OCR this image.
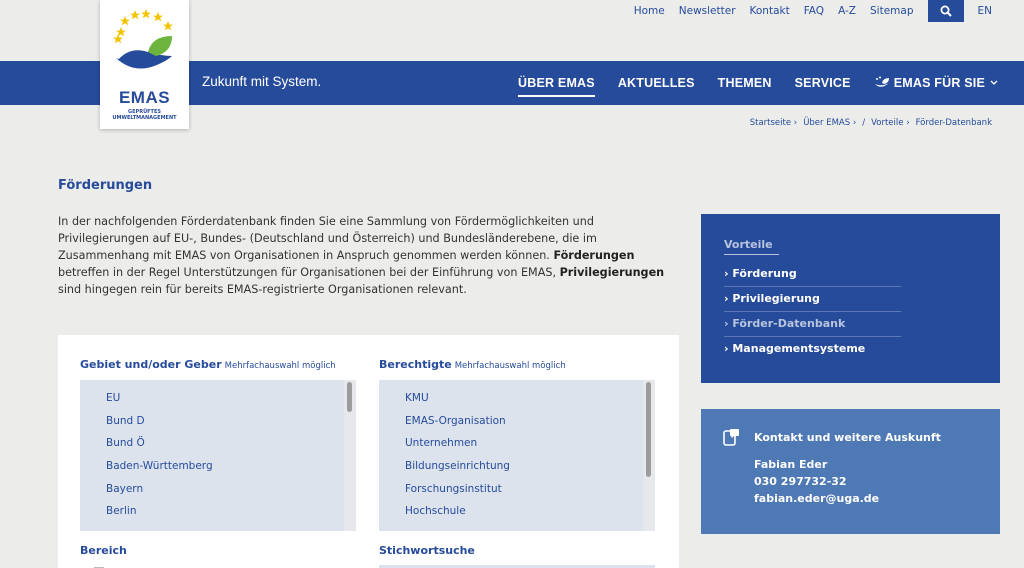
Home Newsletter Kontakt FAQ A-Z Sitemap	EN
EMAS
GEPRÜFTES
UMWELTMANAGEMENT
Zukunft mit System.	ÜBER EMAS AKTUELLES THEMEN SERVICE	EMAS FÜR SIE
Startseite › Über EMAS › / Vorteile › Förder-Datenbank
Förderungen
In der nachfolgenden Förderdatenbank finden Sie eine Sammlung von Fördermöglichkeiten und Privilegierungen auf EU-, Bundes- (Deutschland und Österreich) und Bundesländerebene, die im Zusammenhang mit EMAS von Organisationen in Anspruch genommen werden können. Förderungen betreffen in der Regel Unterstützungen für Organisationen bei der Einführung von EMAS, Privilegierungen sind hingegen rein für bereits EMAS-registrierte Organisationen relevant.
Gebiet und/oder Geber Mehrfachauswahl möglich
EU
Bund D
Bund Ö
Baden-Württemberg
Bayern
Berlin
Berechtigte Mehrfachauswahl möglich
KMU
EMAS-Organisation
Unternehmen
Bildungseinrichtung
Forschungsinstitut
Hochschule
Bereich	Stichwortsuche
Vorteile
› Förderung
› Privilegierung
› Förder-Datenbank
› Managementsysteme
Kontakt und weitere Auskunft
Fabian Eder
030 297732-32
fabian.eder@uga.de
